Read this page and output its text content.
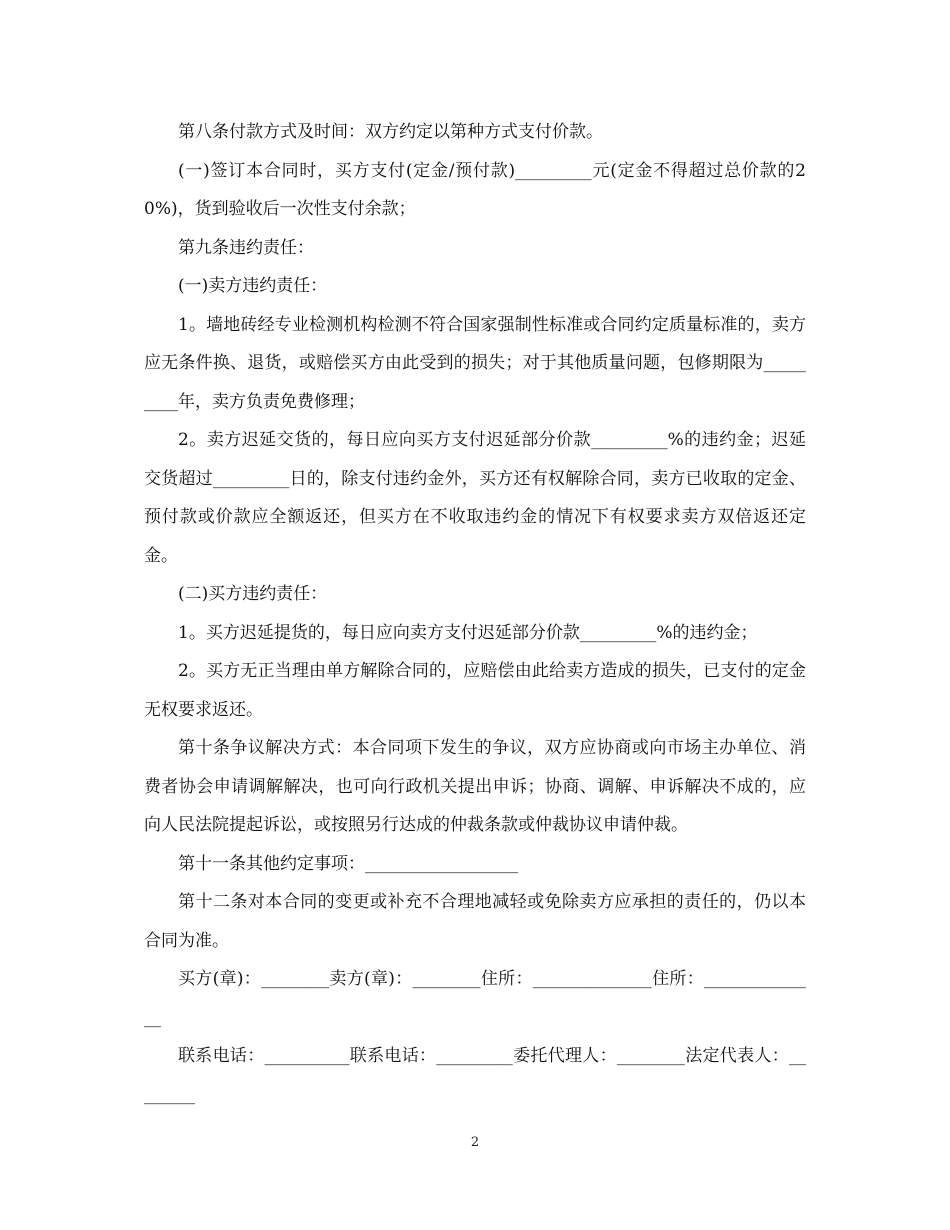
第八条付款方式及时间：双方约定以第种方式支付价款。

(一)签订本合同时，买方支付(定金/预付款)_________元(定金不得超过总价款的20%)，货到验收后一次性支付余款；

第九条违约责任：

(一)卖方违约责任：

1。墙地砖经专业检测机构检测不符合国家强制性标准或合同约定质量标准的，卖方应无条件换、退货，或赔偿买方由此受到的损失；对于其他质量问题，包修期限为_________年，卖方负责免费修理；

2。卖方迟延交货的，每日应向买方支付迟延部分价款_________%的违约金；迟延交货超过_________日的，除支付违约金外，买方还有权解除合同，卖方已收取的定金、预付款或价款应全额返还，但买方在不收取违约金的情况下有权要求卖方双倍返还定金。

(二)买方违约责任：

1。买方迟延提货的，每日应向卖方支付迟延部分价款_________%的违约金；

2。买方无正当理由单方解除合同的，应赔偿由此给卖方造成的损失，已支付的定金无权要求返还。

第十条争议解决方式：本合同项下发生的争议，双方应协商或向市场主办单位、消费者协会申请调解解决，也可向行政机关提出申诉；协商、调解、申诉解决不成的，应向人民法院提起诉讼，或按照另行达成的仲裁条款或仲裁协议申请仲裁。

第十一条其他约定事项：__________________

第十二条对本合同的变更或补充不合理地减轻或免除卖方应承担的责任的，仍以本合同为准。

买方(章)：________卖方(章)：________住所：______________住所：______________

联系电话：__________联系电话：_________委托代理人：________法定代表人：________

2
